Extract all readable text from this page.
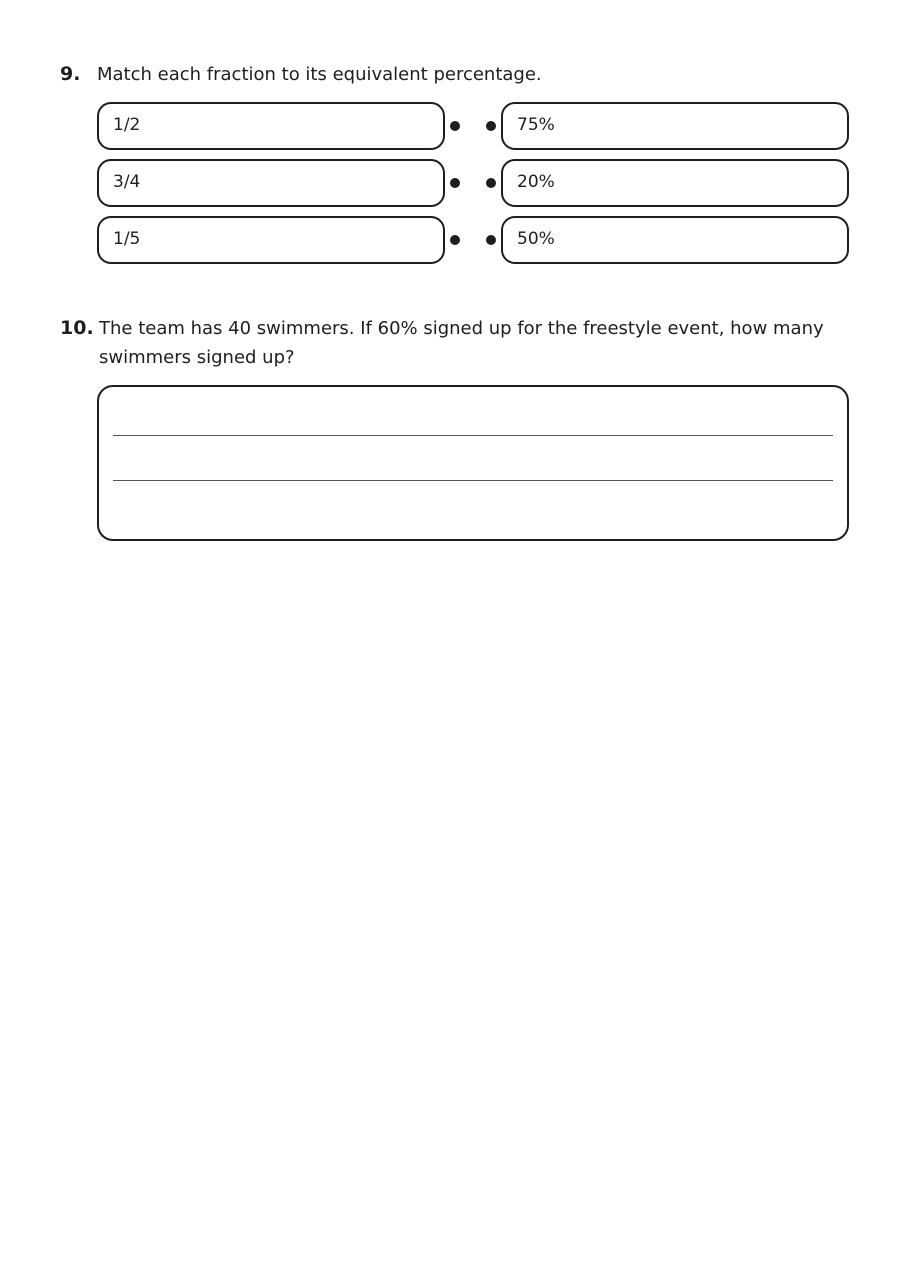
9. Match each fraction to its equivalent percentage.
1/2	75%
3/4	20%
1/5	50%
10. The team has 40 swimmers. If 60% signed up for the freestyle event, how many
swimmers signed up?
